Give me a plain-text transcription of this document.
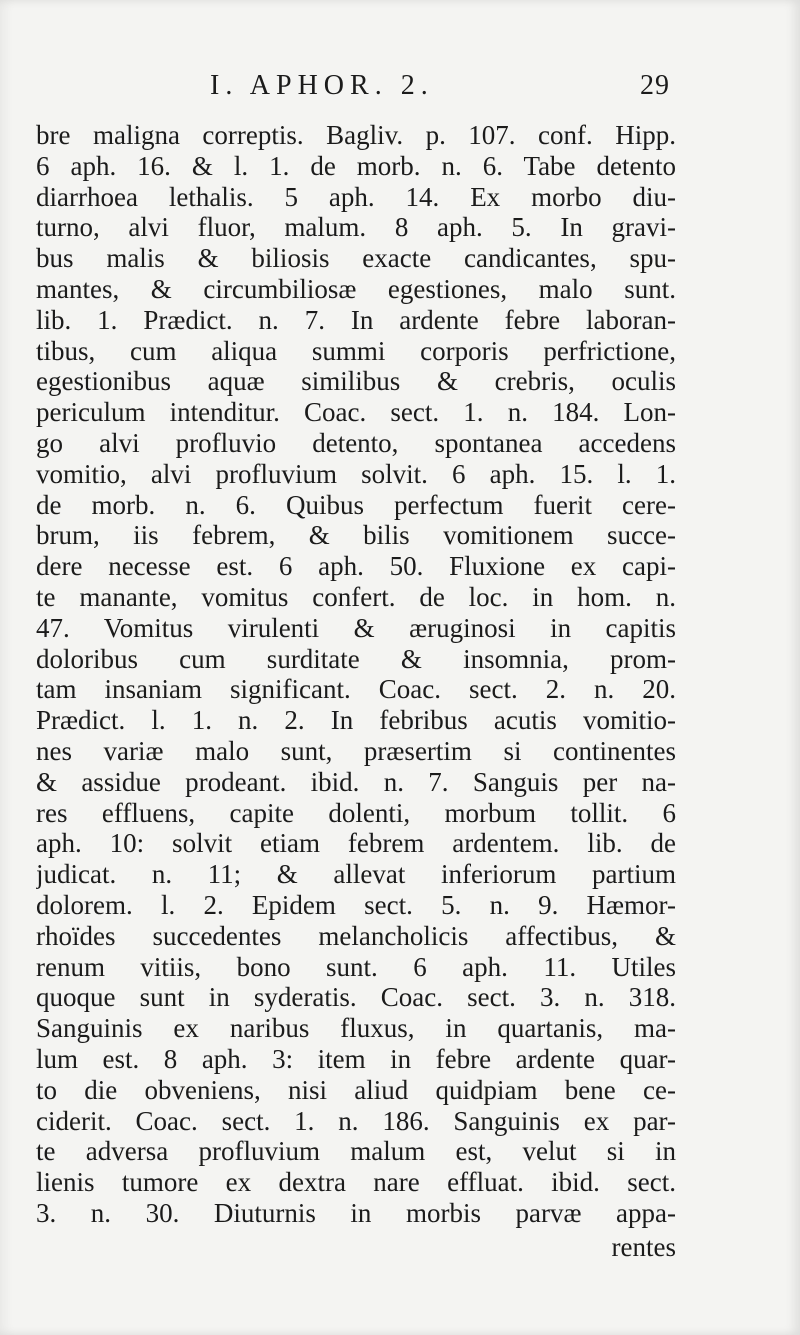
I. APHOR. 2.	29
bre maligna correptis. Bagliv. p. 107. conf. Hipp.
6 aph. 16. & l. 1. de morb. n. 6. Tabe detento
diarrhoea lethalis. 5 aph. 14. Ex morbo diu-
turno, alvi fluor, malum. 8 aph. 5. In gravi-
bus malis & biliosis exacte candicantes, spu-
mantes, & circumbiliosæ egestiones, malo sunt.
lib. 1. Prædict. n. 7. In ardente febre laboran-
tibus, cum aliqua summi corporis perfrictione,
egestionibus aquæ similibus & crebris, oculis
periculum intenditur. Coac. sect. 1. n. 184. Lon-
go alvi profluvio detento, spontanea accedens
vomitio, alvi profluvium solvit. 6 aph. 15. l. 1.
de morb. n. 6. Quibus perfectum fuerit cere-
brum, iis febrem, & bilis vomitionem succe-
dere necesse est. 6 aph. 50. Fluxione ex capi-
te manante, vomitus confert. de loc. in hom. n.
47. Vomitus virulenti & æruginosi in capitis
doloribus cum surditate & insomnia, prom-
tam insaniam significant. Coac. sect. 2. n. 20.
Prædict. l. 1. n. 2. In febribus acutis vomitio-
nes variæ malo sunt, præsertim si continentes
& assidue prodeant. ibid. n. 7. Sanguis per na-
res effluens, capite dolenti, morbum tollit. 6
aph. 10: solvit etiam febrem ardentem. lib. de
judicat. n. 11; & allevat inferiorum partium
dolorem. l. 2. Epidem sect. 5. n. 9. Hæmor-
rhoïdes succedentes melancholicis affectibus, &
renum vitiis, bono sunt. 6 aph. 11. Utiles
quoque sunt in syderatis. Coac. sect. 3. n. 318.
Sanguinis ex naribus fluxus, in quartanis, ma-
lum est. 8 aph. 3: item in febre ardente quar-
to die obveniens, nisi aliud quidpiam bene ce-
ciderit. Coac. sect. 1. n. 186. Sanguinis ex par-
te adversa profluvium malum est, velut si in
lienis tumore ex dextra nare effluat. ibid. sect.
3. n. 30. Diuturnis in morbis parvæ appa-
rentes
